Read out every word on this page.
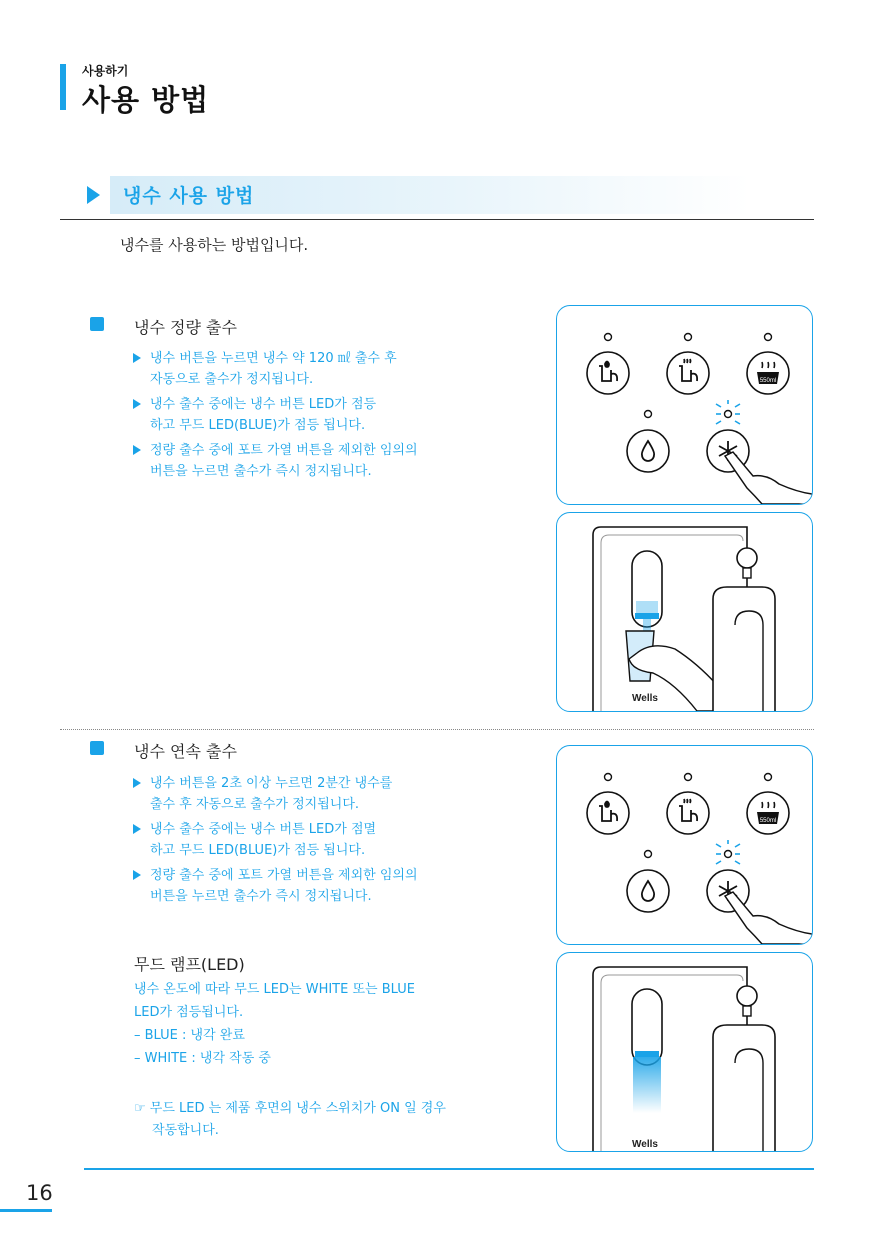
사용하기
사용 방법
냉수 사용 방법
냉수를 사용하는 방법입니다.
냉수 정량 출수
냉수 버튼을 누르면 냉수 약 120 ㎖ 출수 후
자동으로 출수가 정지됩니다.
냉수 출수 중에는 냉수 버튼 LED가 점등
하고 무드 LED(BLUE)가 점등 됩니다.
정량 출수 중에 포트 가열 버튼을 제외한 임의의
버튼을 누르면 출수가 즉시 정지됩니다.
550ml
Wells
냉수 연속 출수
냉수 버튼을 2초 이상 누르면 2분간 냉수를
출수 후 자동으로 출수가 정지됩니다.
냉수 출수 중에는 냉수 버튼 LED가 점멸
하고 무드 LED(BLUE)가 점등 됩니다.
정량 출수 중에 포트 가열 버튼을 제외한 임의의
버튼을 누르면 출수가 즉시 정지됩니다.
550ml
Wells
무드 램프(LED)
냉수 온도에 따라 무드 LED는 WHITE 또는 BLUE
LED가 점등됩니다.
– BLUE : 냉각 완료
– WHITE : 냉각 작동 중
☞ 무드 LED 는 제품 후면의 냉수 스위치가 ON 일 경우
작동합니다.
16
